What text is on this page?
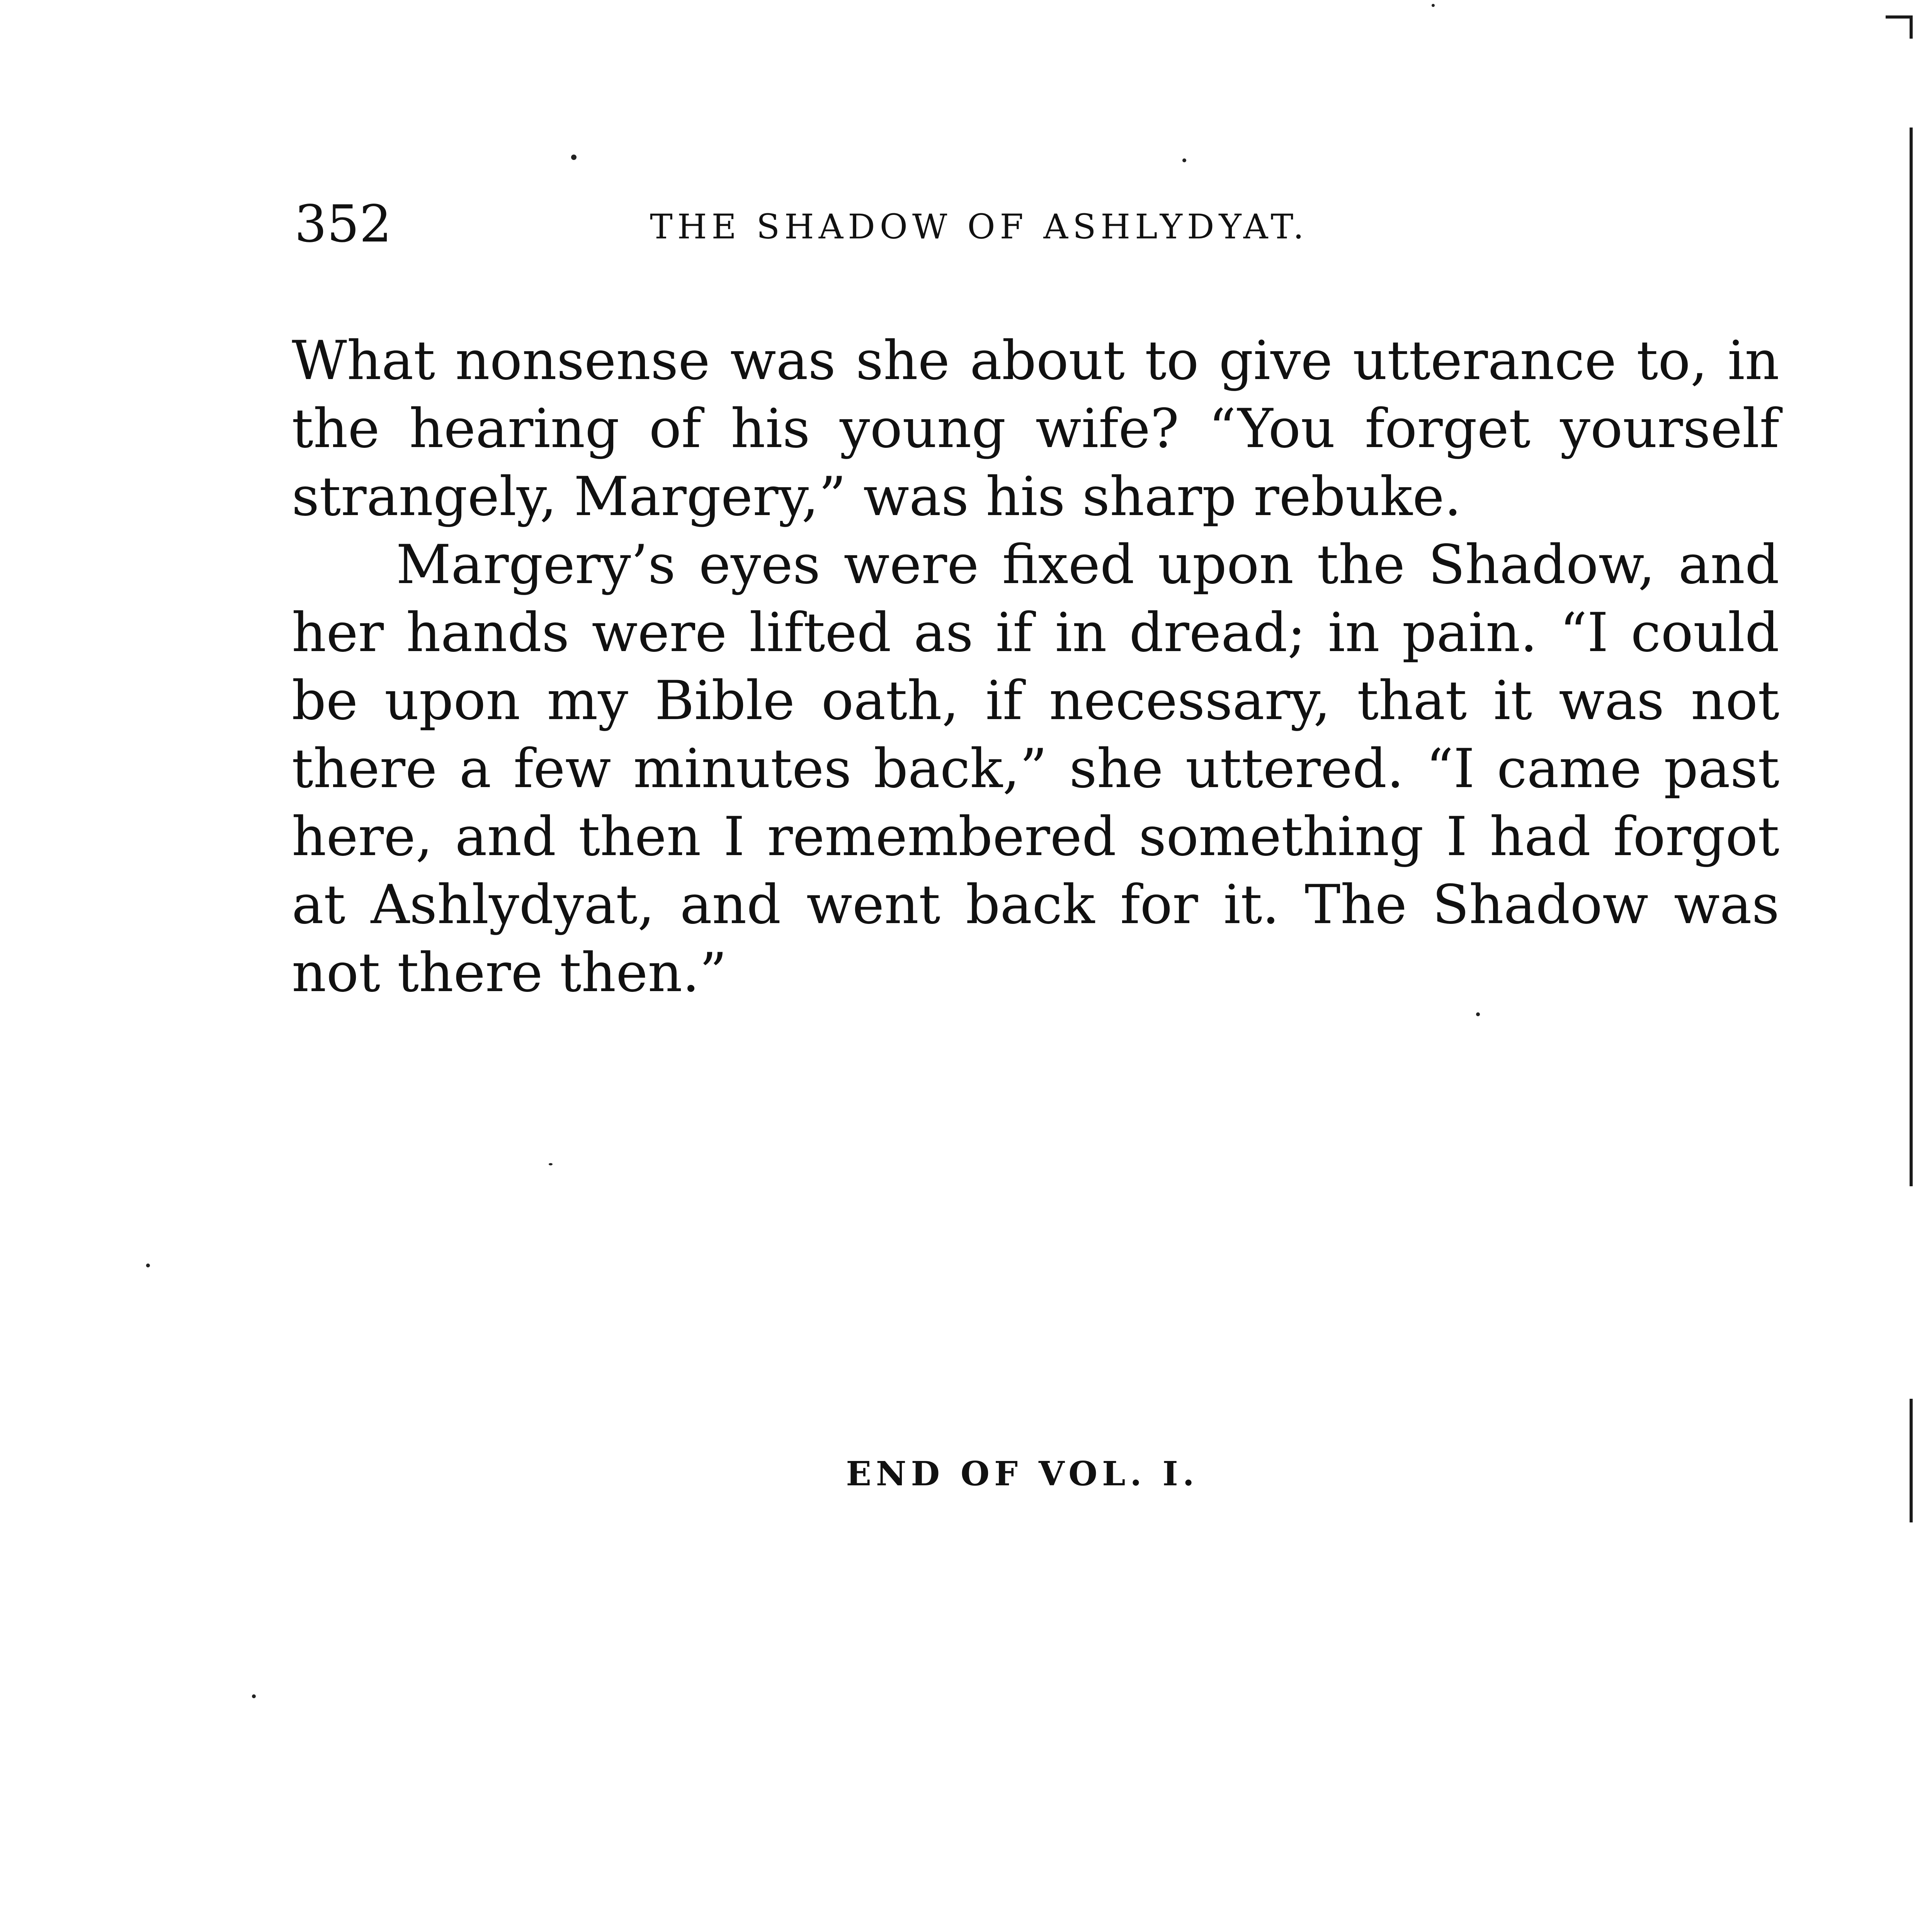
352	THE SHADOW OF ASHLYDYAT.

What nonsense was she about to give utterance to, in the hearing of his young wife? “You forget yourself strangely, Margery,” was his sharp rebuke.

Margery’s eyes were fixed upon the Shadow, and her hands were lifted as if in dread; in pain. “I could be upon my Bible oath, if necessary, that it was not there a few minutes back,” she uttered. “I came past here, and then I remembered something I had forgot at Ashlydyat, and went back for it. The Shadow was not there then.”

END OF VOL. I.
